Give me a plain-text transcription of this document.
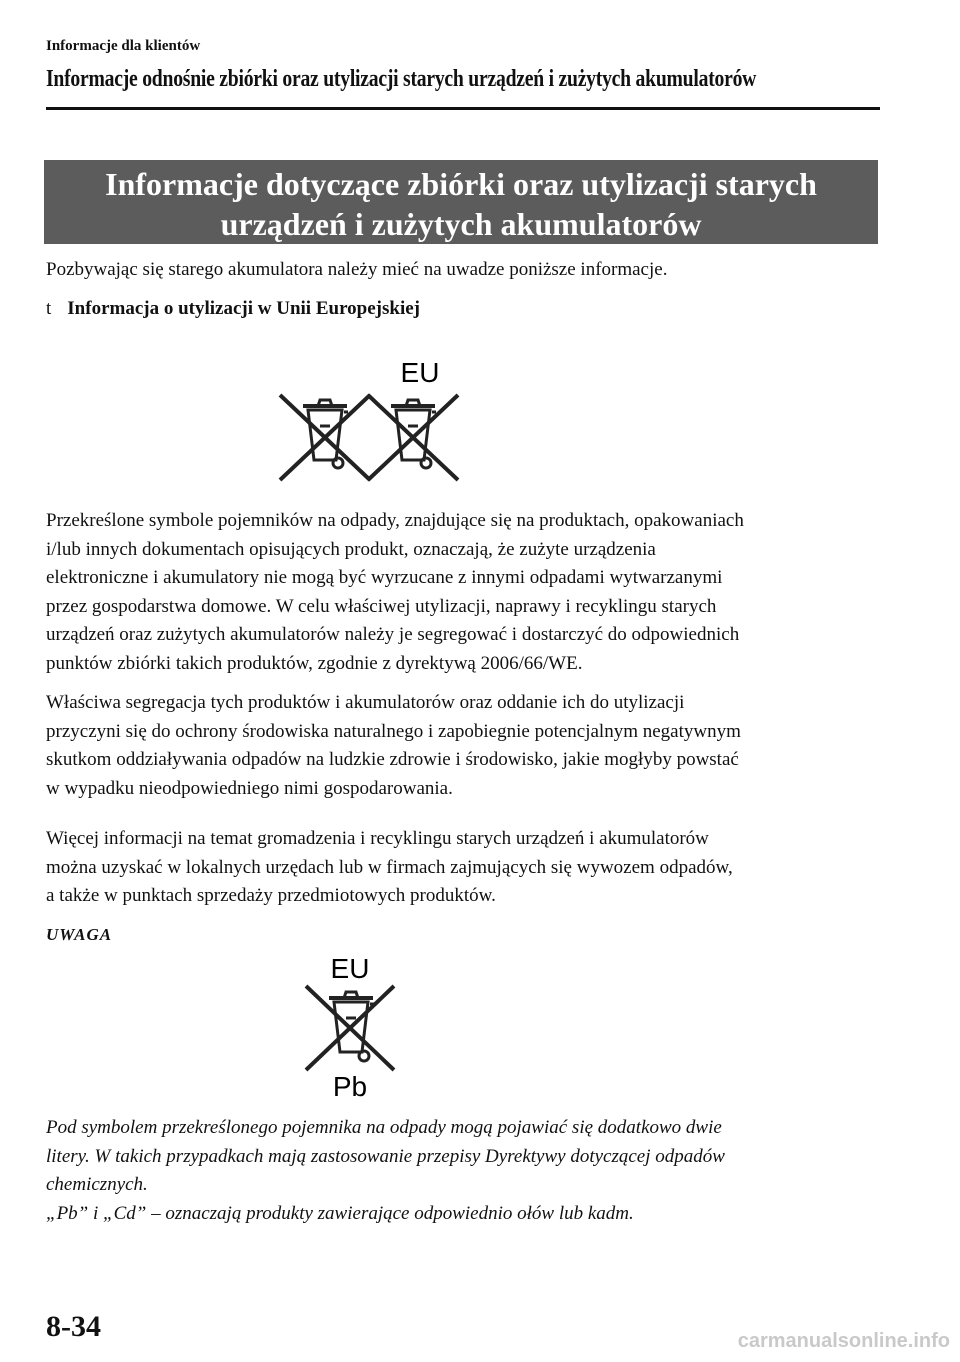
Informacje dla klientów
Informacje odnośnie zbiórki oraz utylizacji starych urządzeń i zużytych akumulatorów
Informacje dotyczące zbiórki oraz utylizacji starych
urządzeń i zużytych akumulatorów
Pozbywając się starego akumulatora należy mieć na uwadze poniższe informacje.
t Informacja o utylizacji w Unii Europejskiej
EU
Przekreślone symbole pojemników na odpady, znajdujące się na produktach, opakowaniach
i/lub innych dokumentach opisujących produkt, oznaczają, że zużyte urządzenia
elektroniczne i akumulatory nie mogą być wyrzucane z innymi odpadami wytwarzanymi
przez gospodarstwa domowe. W celu właściwej utylizacji, naprawy i recyklingu starych
urządzeń oraz zużytych akumulatorów należy je segregować i dostarczyć do odpowiednich
punktów zbiórki takich produktów, zgodnie z dyrektywą 2006/66/WE.
Właściwa segregacja tych produktów i akumulatorów oraz oddanie ich do utylizacji
przyczyni się do ochrony środowiska naturalnego i zapobiegnie potencjalnym negatywnym
skutkom oddziaływania odpadów na ludzkie zdrowie i środowisko, jakie mogłyby powstać
w wypadku nieodpowiedniego nimi gospodarowania.
Więcej informacji na temat gromadzenia i recyklingu starych urządzeń i akumulatorów
można uzyskać w lokalnych urzędach lub w firmach zajmujących się wywozem odpadów,
a także w punktach sprzedaży przedmiotowych produktów.
UWAGA
EU
Pb
Pod symbolem przekreślonego pojemnika na odpady mogą pojawiać się dodatkowo dwie
litery. W takich przypadkach mają zastosowanie przepisy Dyrektywy dotyczącej odpadów
chemicznych.
„Pb” i „Cd” – oznaczają produkty zawierające odpowiednio ołów lub kadm.
8-34	carmanualsonline.info
